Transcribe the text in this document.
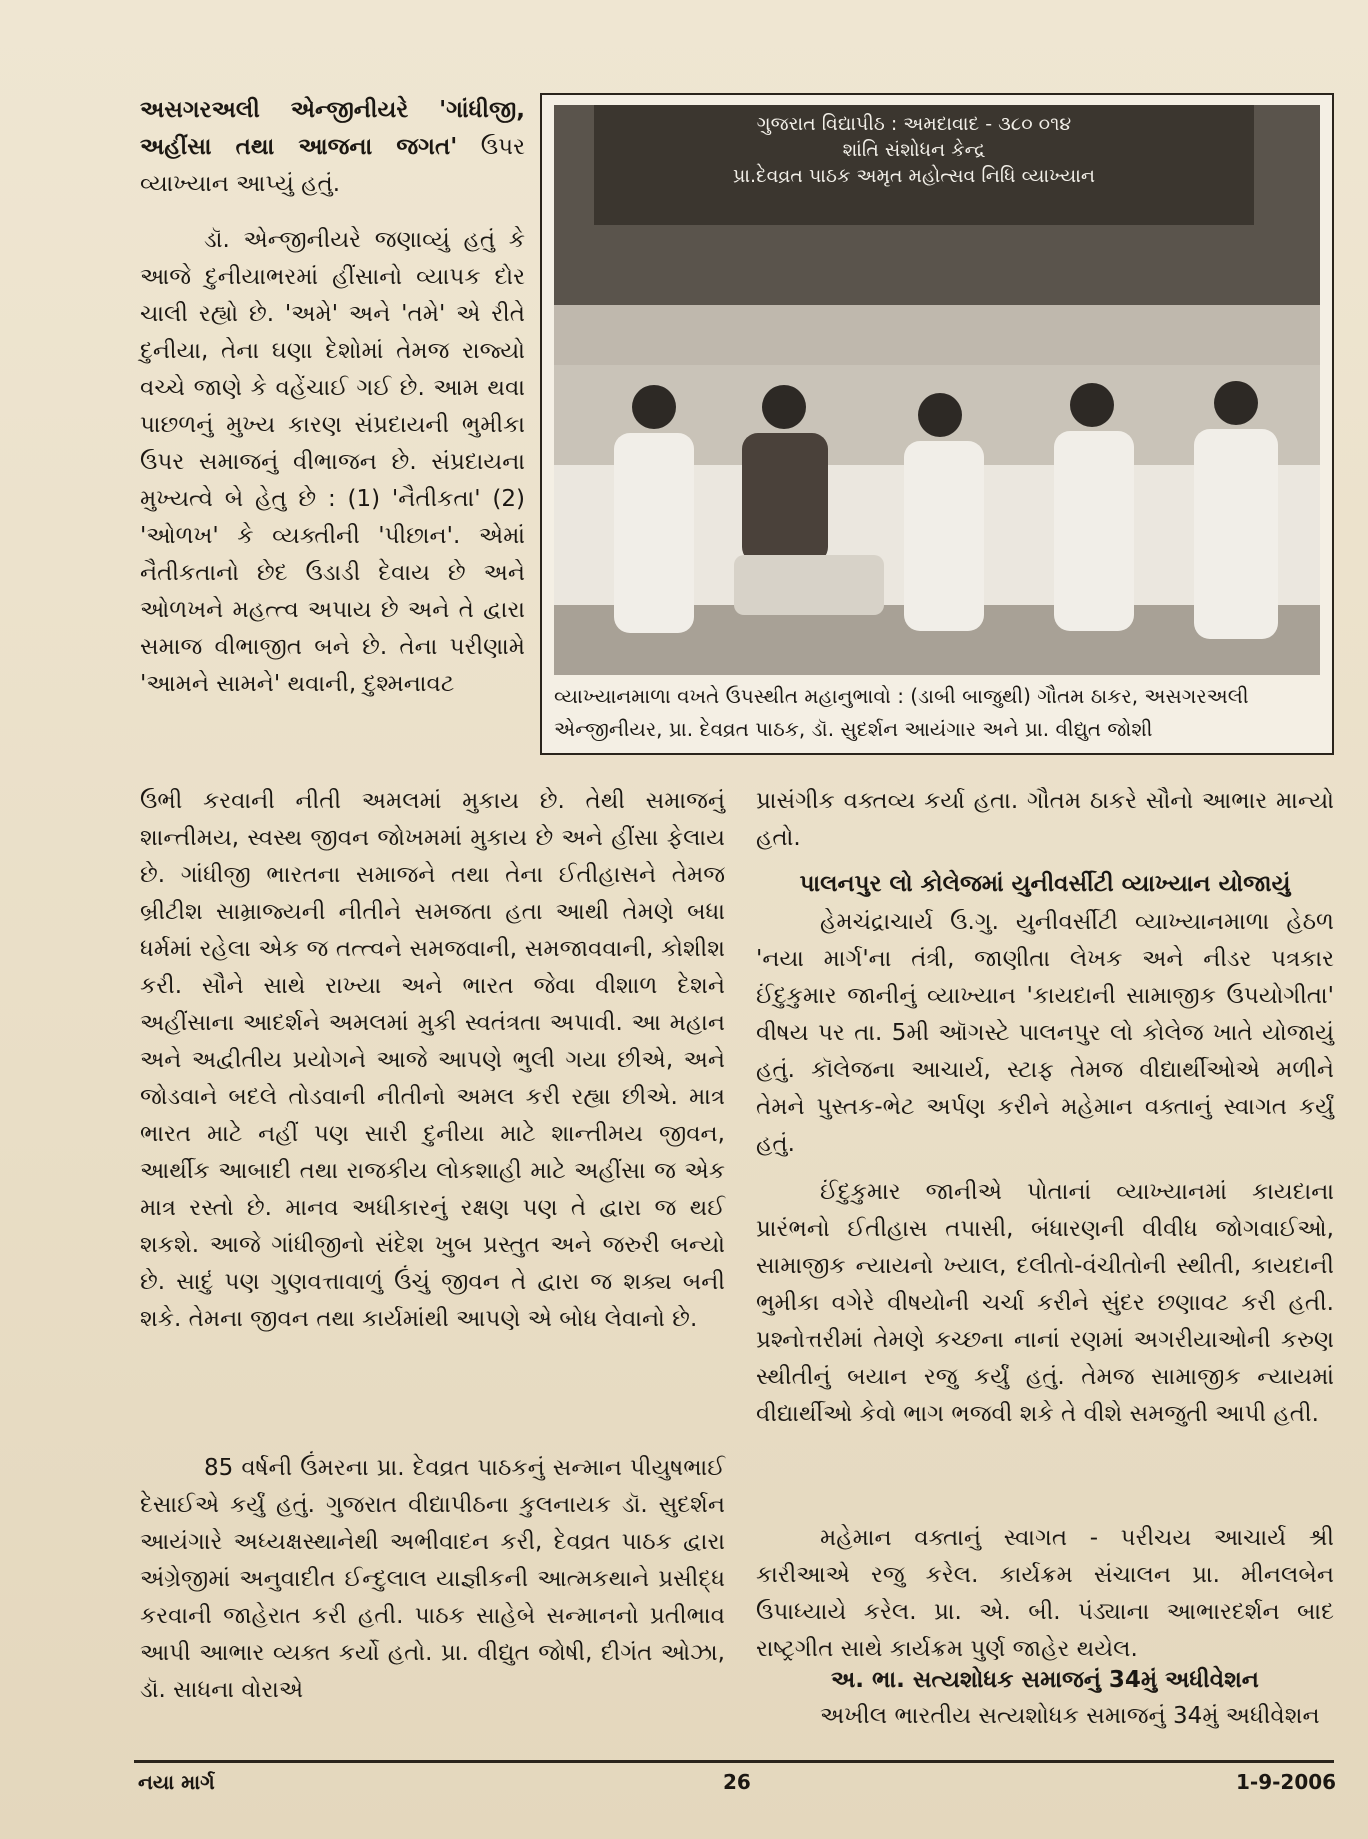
અસગરઅલી એન્જીનીયરે 'ગાંધીજી, અહીંસા તથા આજના જગત' ઉપર વ્યાખ્યાન આપ્યું હતું.

ડૉ. એન્જીનીયરે જણાવ્યું હતું કે આજે દુનીયાભરમાં હીંસાનો વ્યાપક દોર ચાલી રહ્યો છે. 'અમે' અને 'તમે' એ રીતે દુનીયા, તેના ઘણા દેશોમાં તેમજ રાજ્યો વચ્ચે જાણે કે વહેંચાઈ ગઈ છે. આમ થવા પાછળનું મુખ્ય કારણ સંપ્રદાયની ભુમીકા ઉપર સમાજનું વીભાજન છે. સંપ્રદાયના મુખ્યત્વે બે હેતુ છે : (1) 'નૈતીકતા' (2) 'ઓળખ' કે વ્યક્તીની 'પીછાન'. એમાં નૈતીકતાનો છેદ ઉડાડી દેવાય છે અને ઓળખને મહત્ત્વ અપાય છે અને તે દ્વારા સમાજ વીભાજીત બને છે. તેના પરીણામે 'આમને સામને' થવાની, દુશ્મનાવટ

ગુજરાત વિદ્યાપીઠ : અમદાવાદ - ૩૮૦ ૦૧૪
શાંતિ સંશોધન કેન્દ્ર
પ્રા.દેવવ્રત પાઠક અમૃત મહોત્સવ નિધિ વ્યાખ્યાન

વ્યાખ્યાનમાળા વખતે ઉપસ્થીત મહાનુભાવો : (ડાબી બાજુથી) ગૌતમ ઠાકર, અસગરઅલી એન્જીનીયર, પ્રા. દેવવ્રત પાઠક, ડૉ. સુદર્શન આયંગાર અને પ્રા. વીદ્યુત જોશી

ઉભી કરવાની નીતી અમલમાં મુકાય છે. તેથી સમાજનું શાન્તીમય, સ્વસ્થ જીવન જોખમમાં મુકાય છે અને હીંસા ફેલાય છે. ગાંધીજી ભારતના સમાજને તથા તેના ઈતીહાસને તેમજ બ્રીટીશ સામ્રાજ્યની નીતીને સમજતા હતા આથી તેમણે બધા ધર્મમાં રહેલા એક જ તત્ત્વને સમજવાની, સમજાવવાની, કોશીશ કરી. સૌને સાથે રાખ્યા અને ભારત જેવા વીશાળ દેશને અહીંસાના આદર્શને અમલમાં મુકી સ્વતંત્રતા અપાવી. આ મહાન અને અદ્વીતીય પ્રયોગને આજે આપણે ભુલી ગયા છીએ, અને જોડવાને બદલે તોડવાની નીતીનો અમલ કરી રહ્યા છીએ. માત્ર ભારત માટે નહીં પણ સારી દુનીયા માટે શાન્તીમય જીવન, આર્થીક આબાદી તથા રાજકીય લોકશાહી માટે અહીંસા જ એક માત્ર રસ્તો છે. માનવ અધીકારનું રક્ષણ પણ તે દ્વારા જ થઈ શકશે. આજે ગાંધીજીનો સંદેશ ખુબ પ્રસ્તુત અને જરુરી બન્યો છે. સાદું પણ ગુણવત્તાવાળું ઉંચું જીવન તે દ્વારા જ શક્ય બની શકે. તેમના જીવન તથા કાર્યમાંથી આપણે એ બોધ લેવાનો છે.

85 વર્ષની ઉંમરના પ્રા. દેવવ્રત પાઠકનું સન્માન પીયુષભાઈ દેસાઈએ કર્યું હતું. ગુજરાત વીદ્યાપીઠના કુલનાયક ડૉ. સુદર્શન આયંગારે અધ્યક્ષસ્થાનેથી અભીવાદન કરી, દેવવ્રત પાઠક દ્વારા અંગ્રેજીમાં અનુવાદીત ઈન્દુલાલ યાજ્ઞીકની આત્મકથાને પ્રસીદ્ધ કરવાની જાહેરાત કરી હતી. પાઠક સાહેબે સન્માનનો પ્રતીભાવ આપી આભાર વ્યક્ત કર્યો હતો. પ્રા. વીદ્યુત જોષી, દીગંત ઓઝા, ડૉ. સાધના વોરાએ

પ્રાસંગીક વક્તવ્ય કર્યા હતા. ગૌતમ ઠાકરે સૌનો આભાર માન્યો હતો.

પાલનપુર લો કોલેજમાં યુનીવર્સીટી વ્યાખ્યાન યોજાયું

હેમચંદ્રાચાર્ય ઉ.ગુ. યુનીવર્સીટી વ્યાખ્યાનમાળા હેઠળ 'નયા માર્ગ'ના તંત્રી, જાણીતા લેખક અને નીડર પત્રકાર ઈંદુકુમાર જાનીનું વ્યાખ્યાન 'કાયદાની સામાજીક ઉપયોગીતા' વીષય પર તા. 5મી ઑગસ્ટે પાલનપુર લો કોલેજ ખાતે યોજાયું હતું. કૉલેજના આચાર્ય, સ્ટાફ તેમજ વીદ્યાર્થીઓએ મળીને તેમને પુસ્તક-ભેટ અર્પણ કરીને મહેમાન વક્તાનું સ્વાગત કર્યું હતું.

ઈંદુકુમાર જાનીએ પોતાનાં વ્યાખ્યાનમાં કાયદાના પ્રારંભનો ઈતીહાસ તપાસી, બંધારણની વીવીધ જોગવાઈઓ, સામાજીક ન્યાયનો ખ્યાલ, દલીતો-વંચીતોની સ્થીતી, કાયદાની ભુમીકા વગેરે વીષયોની ચર્ચા કરીને સુંદર છણાવટ કરી હતી. પ્રશ્નોત્તરીમાં તેમણે કચ્છના નાનાં રણમાં અગરીયાઓની કરુણ સ્થીતીનું બયાન રજુ કર્યું હતું. તેમજ સામાજીક ન્યાયમાં વીદ્યાર્થીઓ કેવો ભાગ ભજવી શકે તે વીશે સમજુતી આપી હતી.

મહેમાન વક્તાનું સ્વાગત - પરીચય આચાર્ય શ્રી કારીઆએ રજુ કરેલ. કાર્યક્રમ સંચાલન પ્રા. મીનલબેન ઉપાધ્યાયે કરેલ. પ્રા. એ. બી. પંડ્યાના આભારદર્શન બાદ રાષ્ટ્રગીત સાથે કાર્યક્રમ પુર્ણ જાહેર થયેલ.

અ. ભા. સત્યશોધક સમાજનું 34મું અધીવેશન

અખીલ ભારતીય સત્યશોધક સમાજનું 34મું અધીવેશન

નયા માર્ગ	26	1-9-2006
